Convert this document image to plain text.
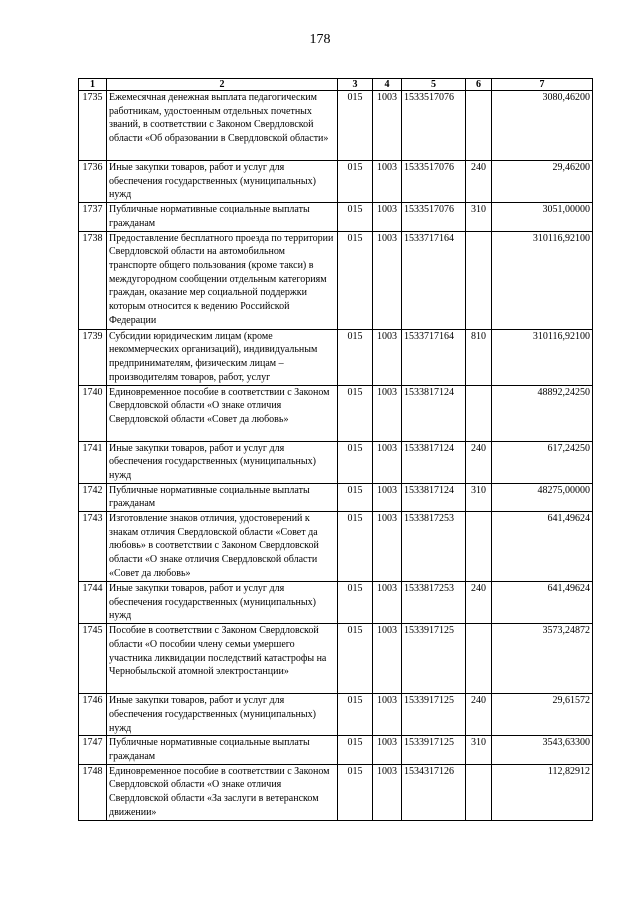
178
1	2	3	4	5	6	7
1735	Ежемесячная денежная выплата педагогическим работникам, удостоенным отдельных почетных званий, в соответствии с Законом Свердловской области «Об образовании в Свердловской области»	015	1003	1533517076		3080,46200
1736	Иные закупки товаров, работ и услуг для обеспечения государственных (муниципальных) нужд	015	1003	1533517076	240	29,46200
1737	Публичные нормативные социальные выплаты гражданам	015	1003	1533517076	310	3051,00000
1738	Предоставление бесплатного проезда по территории Свердловской области на автомобильном транспорте общего пользования (кроме такси) в междугородном сообщении отдельным категориям граждан, оказание мер социальной поддержки которым относится к ведению Российской Федерации	015	1003	1533717164		310116,92100
1739	Субсидии юридическим лицам (кроме некоммерческих организаций), индивидуальным предпринимателям, физическим лицам – производителям товаров, работ, услуг	015	1003	1533717164	810	310116,92100
1740	Единовременное пособие в соответствии с Законом Свердловской области «О знаке отличия Свердловской области «Совет да любовь»	015	1003	1533817124		48892,24250
1741	Иные закупки товаров, работ и услуг для обеспечения государственных (муниципальных) нужд	015	1003	1533817124	240	617,24250
1742	Публичные нормативные социальные выплаты гражданам	015	1003	1533817124	310	48275,00000
1743	Изготовление знаков отличия, удостоверений к знакам отличия Свердловской области «Совет да любовь» в соответствии с Законом Свердловской области «О знаке отличия Свердловской области «Совет да любовь»	015	1003	1533817253		641,49624
1744	Иные закупки товаров, работ и услуг для обеспечения государственных (муниципальных) нужд	015	1003	1533817253	240	641,49624
1745	Пособие в соответствии с Законом Свердловской области «О пособии члену семьи умершего участника ликвидации последствий катастрофы на Чернобыльской атомной электростанции»	015	1003	1533917125		3573,24872
1746	Иные закупки товаров, работ и услуг для обеспечения государственных (муниципальных) нужд	015	1003	1533917125	240	29,61572
1747	Публичные нормативные социальные выплаты гражданам	015	1003	1533917125	310	3543,63300
1748	Единовременное пособие в соответствии с Законом Свердловской области «О знаке отличия Свердловской области «За заслуги в ветеранском движении»	015	1003	1534317126		112,82912
